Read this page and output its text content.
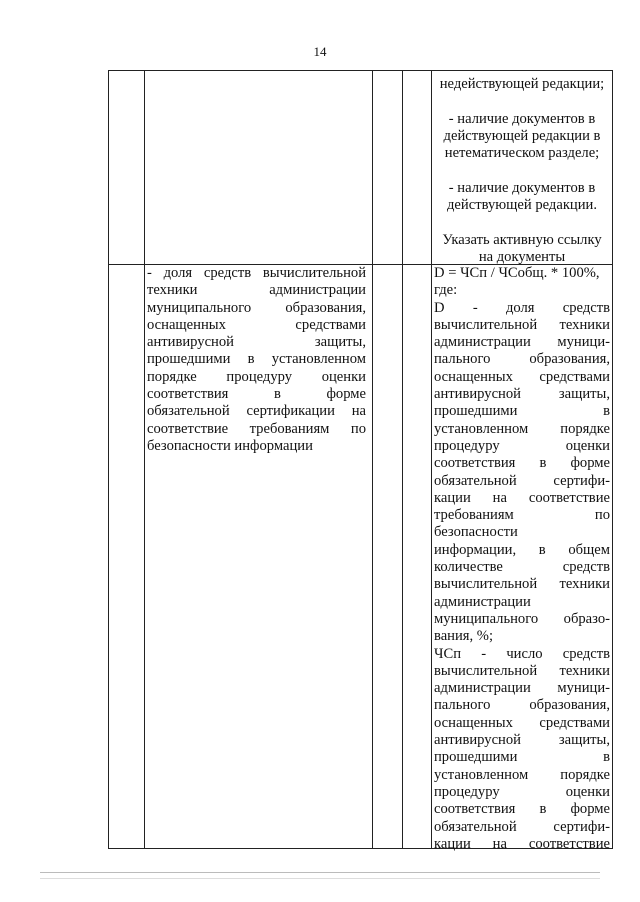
14
недействующей редакции;
- наличие документов в
действующей редакции в
нетематическом разделе;
- наличие документов в
действующей редакции.
Указать активную ссылку
на документы
- доля средств вычислительной
техники администрации
муниципального образования,
оснащенных средствами
антивирусной защиты,
прошедшими в установленном
порядке процедуру оценки
соответствия в форме
обязательной сертификации на
соответствие требованиям по
безопасности информации
D = ЧСп / ЧСобщ. * 100%,
где:
D - доля средств
вычислительной техники
администрации муници-
пального образования,
оснащенных средствами
антивирусной защиты,
прошедшими в
установленном порядке
процедуру оценки
соответствия в форме
обязательной сертифи-
кации на соответствие
требованиям по
безопасности
информации, в общем
количестве средств
вычислительной техники
администрации
муниципального образо-
вания, %;
ЧСп - число средств
вычислительной техники
администрации муници-
пального образования,
оснащенных средствами
антивирусной защиты,
прошедшими в
установленном порядке
процедуру оценки
соответствия в форме
обязательной сертифи-
кации на соответствие
